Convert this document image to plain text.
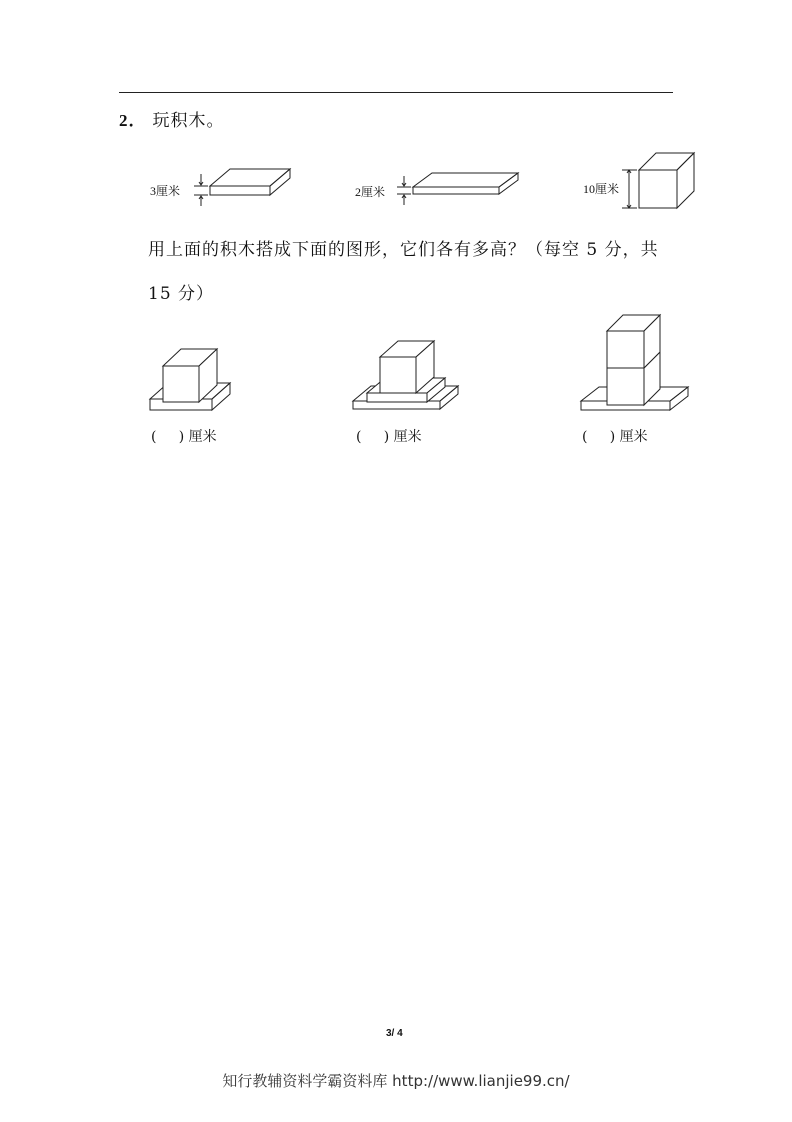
2． 玩积木。
3厘米	2厘米	10厘米
用上面的积木搭成下面的图形，它们各有多高？（每空 5 分，共 15 分）
(     ) 厘米	(     ) 厘米	(     ) 厘米
3/ 4
知行教辅资料学霸资料库 http://www.lianjie99.cn/
